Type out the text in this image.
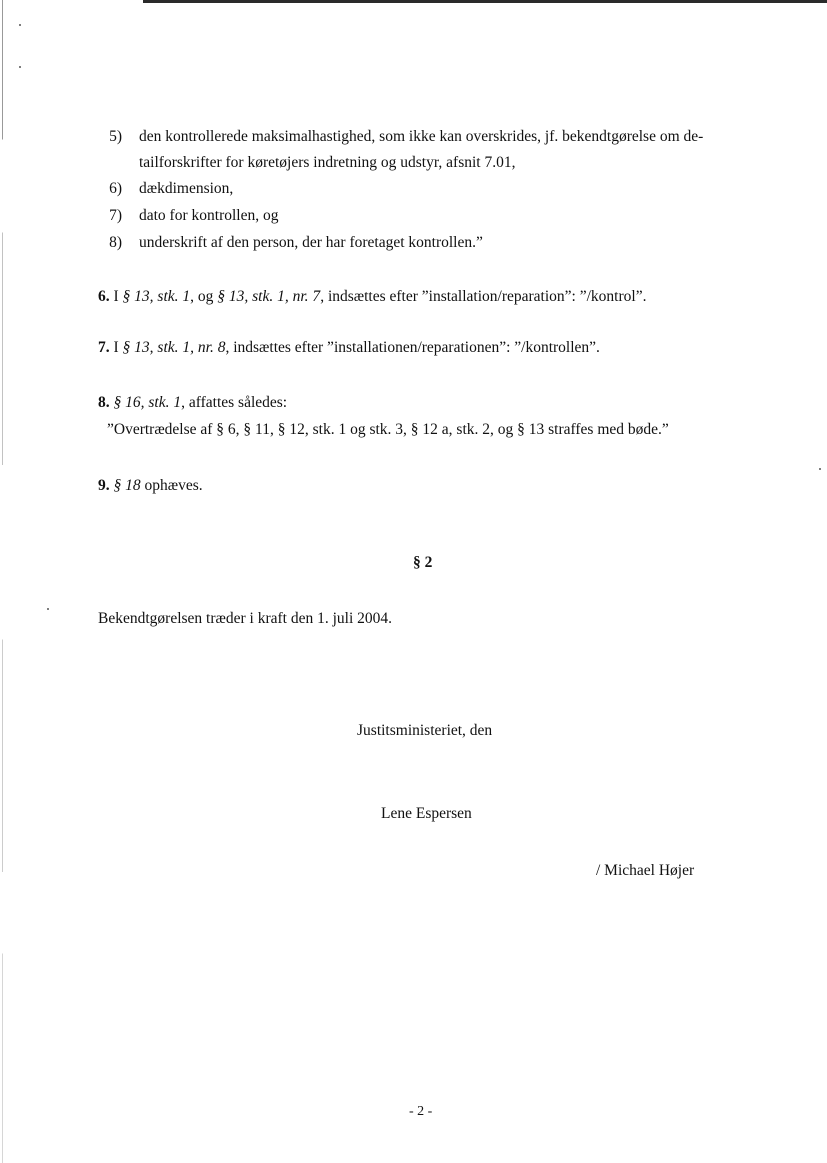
5) den kontrollerede maksimalhastighed, som ikke kan overskrides, jf. bekendtgørelse om de-
tailforskrifter for køretøjers indretning og udstyr, afsnit 7.01,
6) dækdimension,
7) dato for kontrollen, og
8) underskrift af den person, der har foretaget kontrollen.”
6. I § 13, stk. 1, og § 13, stk. 1, nr. 7, indsættes efter ”installation/reparation”: ”/kontrol”.
7. I § 13, stk. 1, nr. 8, indsættes efter ”installationen/reparationen”: ”/kontrollen”.
8. § 16, stk. 1, affattes således:
”Overtrædelse af § 6, § 11, § 12, stk. 1 og stk. 3, § 12 a, stk. 2, og § 13 straffes med bøde.”
9. § 18 ophæves.
§ 2
Bekendtgørelsen træder i kraft den 1. juli 2004.
Justitsministeriet, den
Lene Espersen
/ Michael Højer
- 2 -
